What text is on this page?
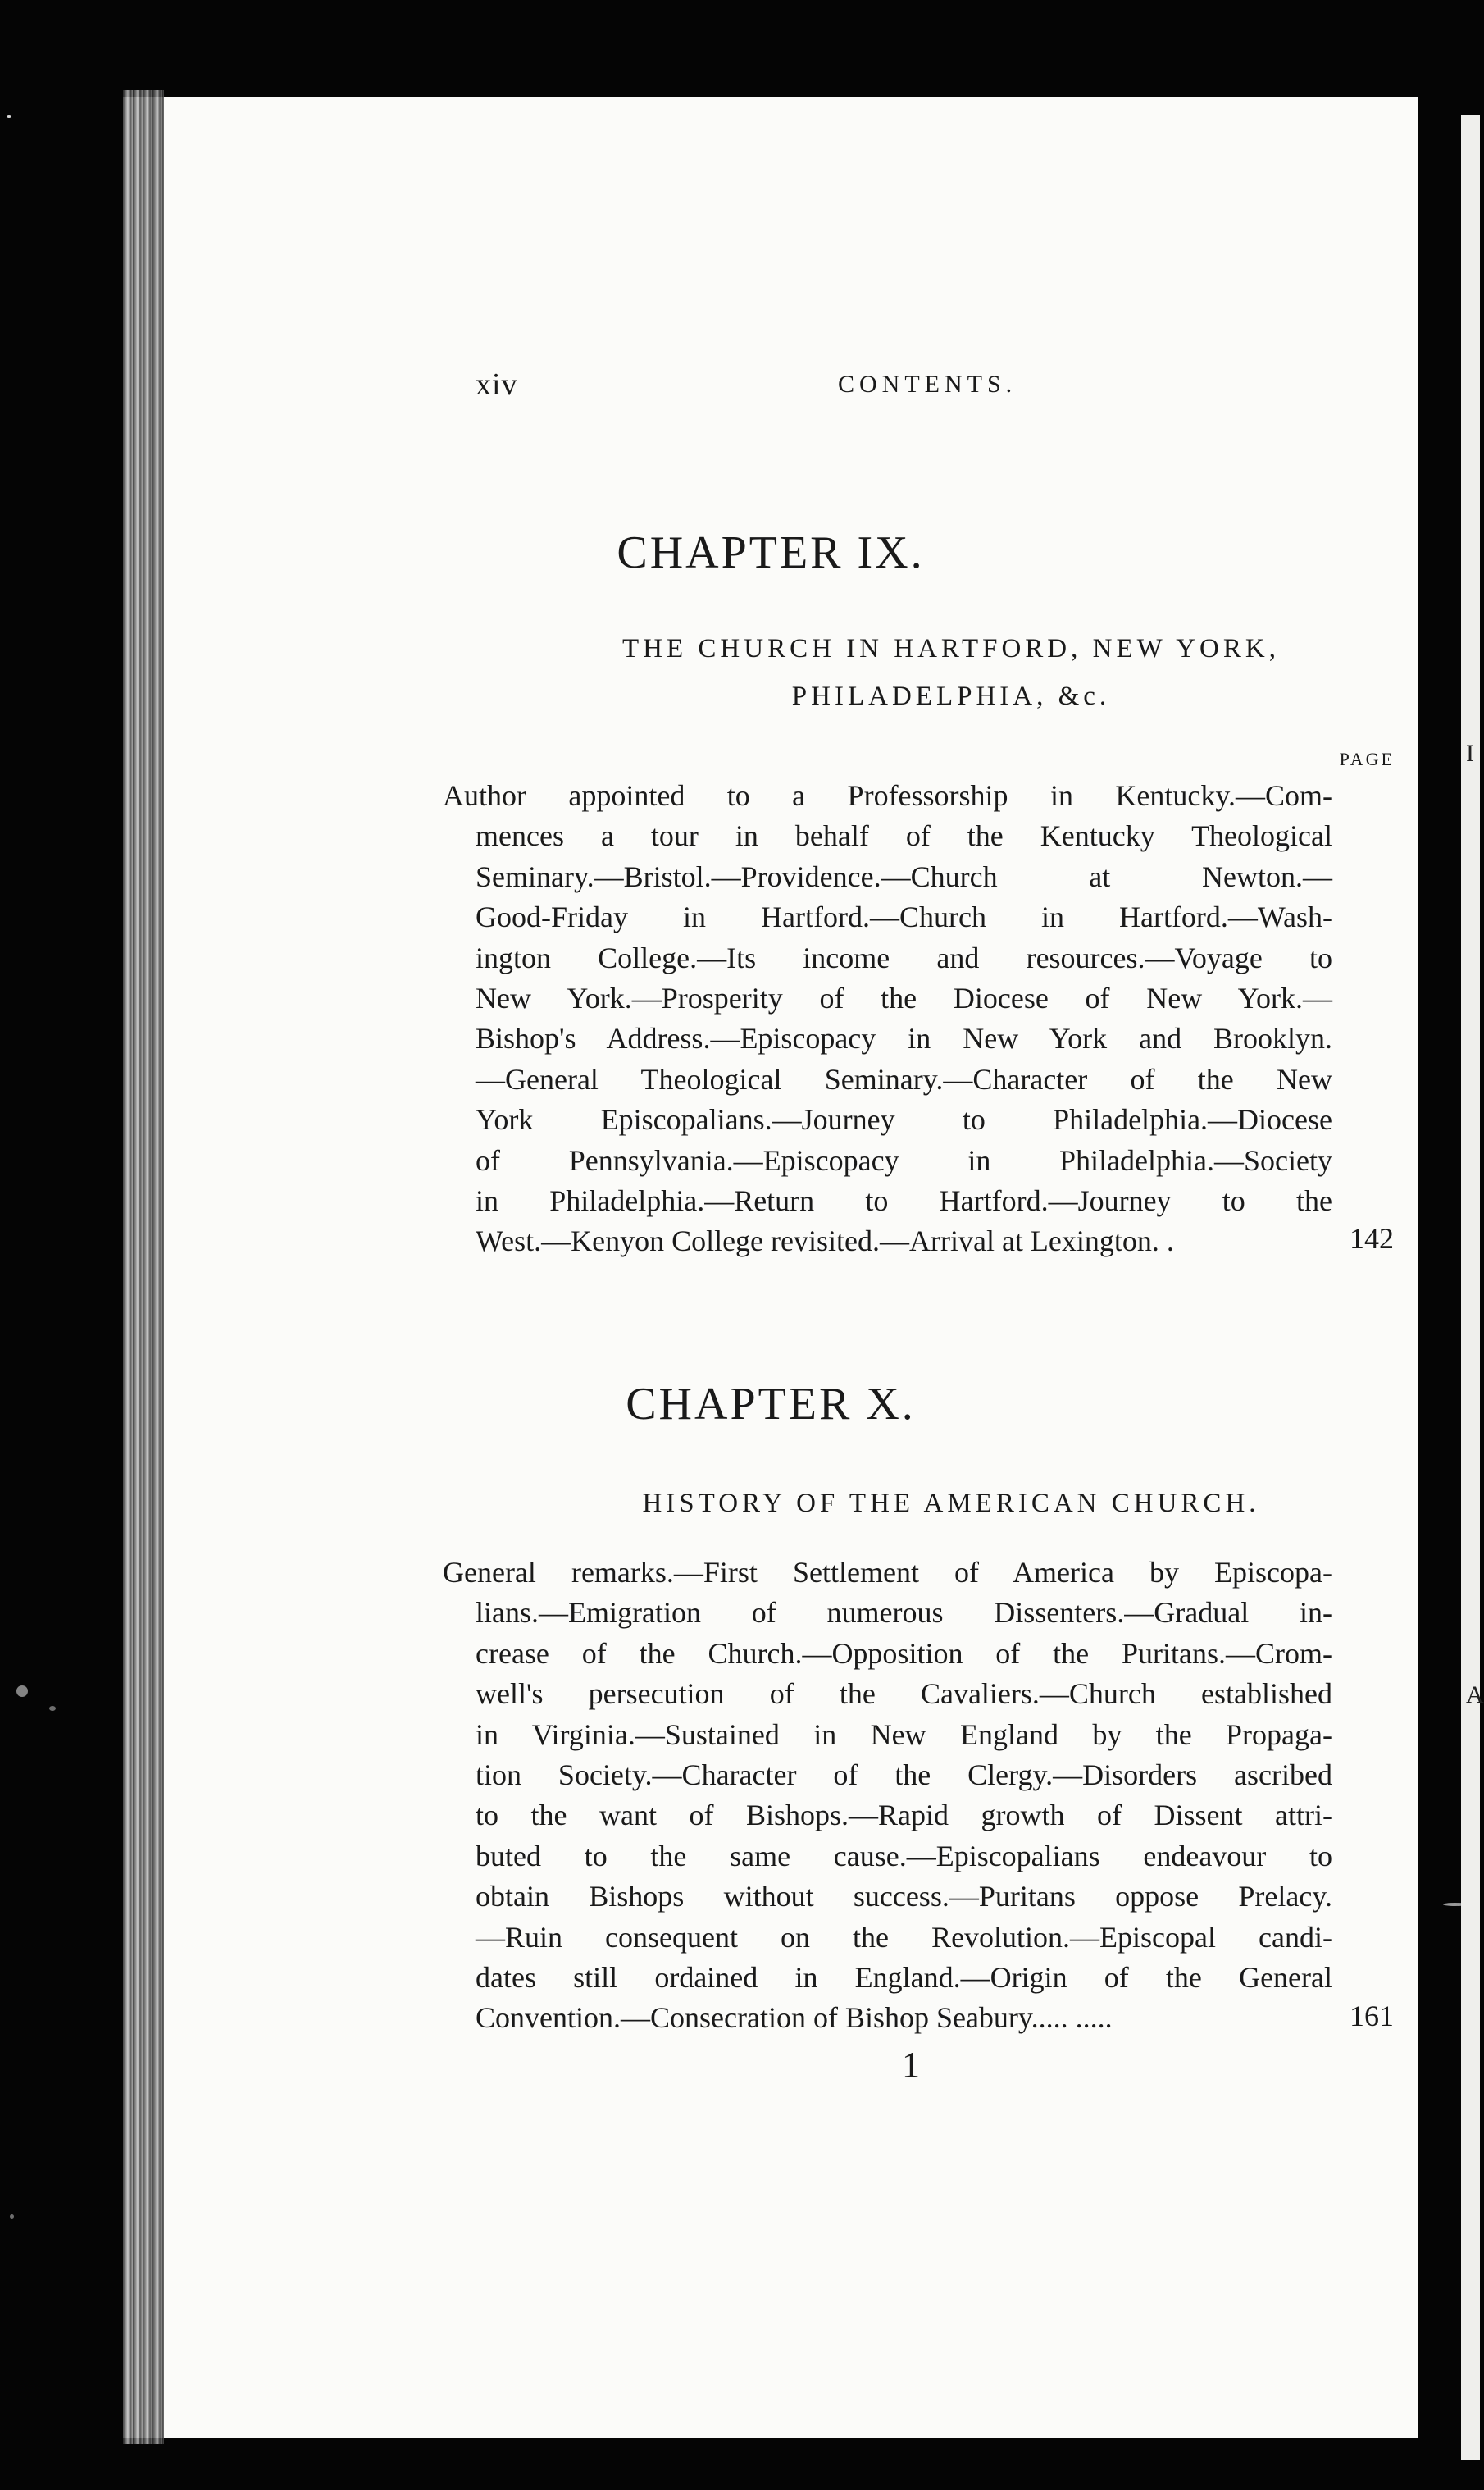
I
A
xiv	CONTENTS.
CHAPTER IX.
THE CHURCH IN HARTFORD, NEW YORK,
PHILADELPHIA, &c.
PAGE
Author appointed to a Professorship in Kentucky.—Com-
mences a tour in behalf of the Kentucky Theological
Seminary.—Bristol.—Providence.—Church at Newton.—
Good-Friday in Hartford.—Church in Hartford.—Wash-
ington College.—Its income and resources.—Voyage to
New York.—Prosperity of the Diocese of New York.—
Bishop's Address.—Episcopacy in New York and Brooklyn.
—General Theological Seminary.—Character of the New
York Episcopalians.—Journey to Philadelphia.—Diocese
of Pennsylvania.—Episcopacy in Philadelphia.—Society
in Philadelphia.—Return to Hartford.—Journey to the
West.—Kenyon College revisited.—Arrival at Lexington. .	142
CHAPTER X.
HISTORY OF THE AMERICAN CHURCH.
General remarks.—First Settlement of America by Episcopa-
lians.—Emigration of numerous Dissenters.—Gradual in-
crease of the Church.—Opposition of the Puritans.—Crom-
well's persecution of the Cavaliers.—Church established
in Virginia.—Sustained in New England by the Propaga-
tion Society.—Character of the Clergy.—Disorders ascribed
to the want of Bishops.—Rapid growth of Dissent attri-
buted to the same cause.—Episcopalians endeavour to
obtain Bishops without success.—Puritans oppose Prelacy.
—Ruin consequent on the Revolution.—Episcopal candi-
dates still ordained in England.—Origin of the General
Convention.—Consecration of Bishop Seabury..... .....	161
1
